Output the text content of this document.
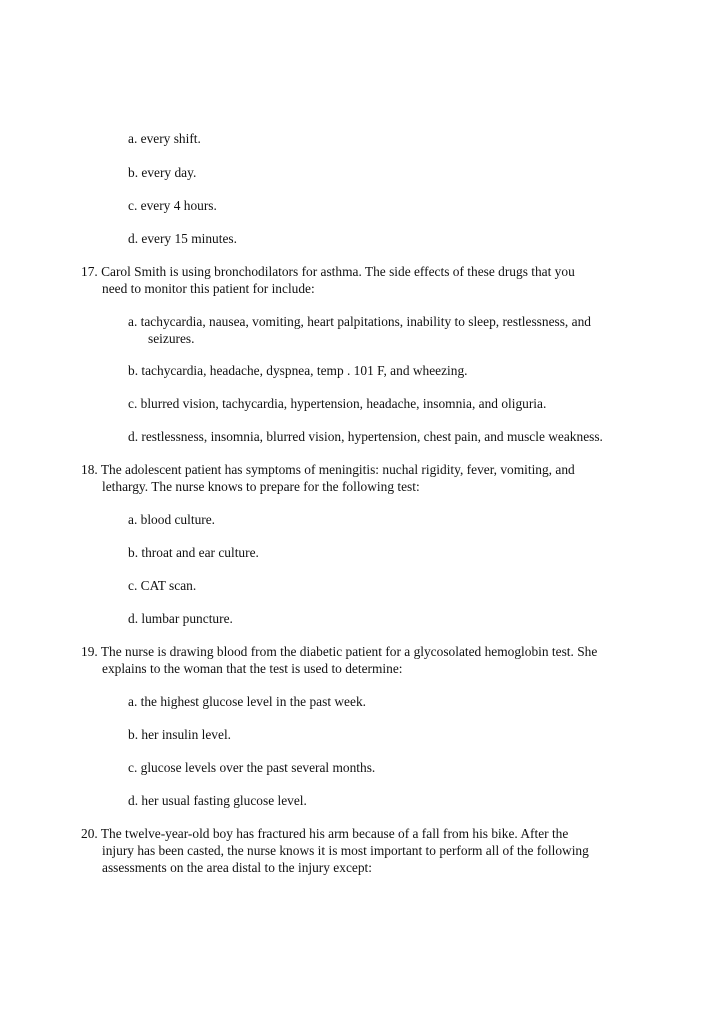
a. every shift.

b. every day.

c. every 4 hours.

d. every 15 minutes.

17. Carol Smith is using bronchodilators for asthma. The side effects of these drugs that you

need to monitor this patient for include:

a. tachycardia, nausea, vomiting, heart palpitations, inability to sleep, restlessness, and

seizures.

b. tachycardia, headache, dyspnea, temp . 101 F, and wheezing.

c. blurred vision, tachycardia, hypertension, headache, insomnia, and oliguria.

d. restlessness, insomnia, blurred vision, hypertension, chest pain, and muscle weakness.

18. The adolescent patient has symptoms of meningitis: nuchal rigidity, fever, vomiting, and

lethargy. The nurse knows to prepare for the following test:

a. blood culture.

b. throat and ear culture.

c. CAT scan.

d. lumbar puncture.

19. The nurse is drawing blood from the diabetic patient for a glycosolated hemoglobin test. She

explains to the woman that the test is used to determine:

a. the highest glucose level in the past week.

b. her insulin level.

c. glucose levels over the past several months.

d. her usual fasting glucose level.

20. The twelve-year-old boy has fractured his arm because of a fall from his bike. After the

injury has been casted, the nurse knows it is most important to perform all of the following

assessments on the area distal to the injury except:
